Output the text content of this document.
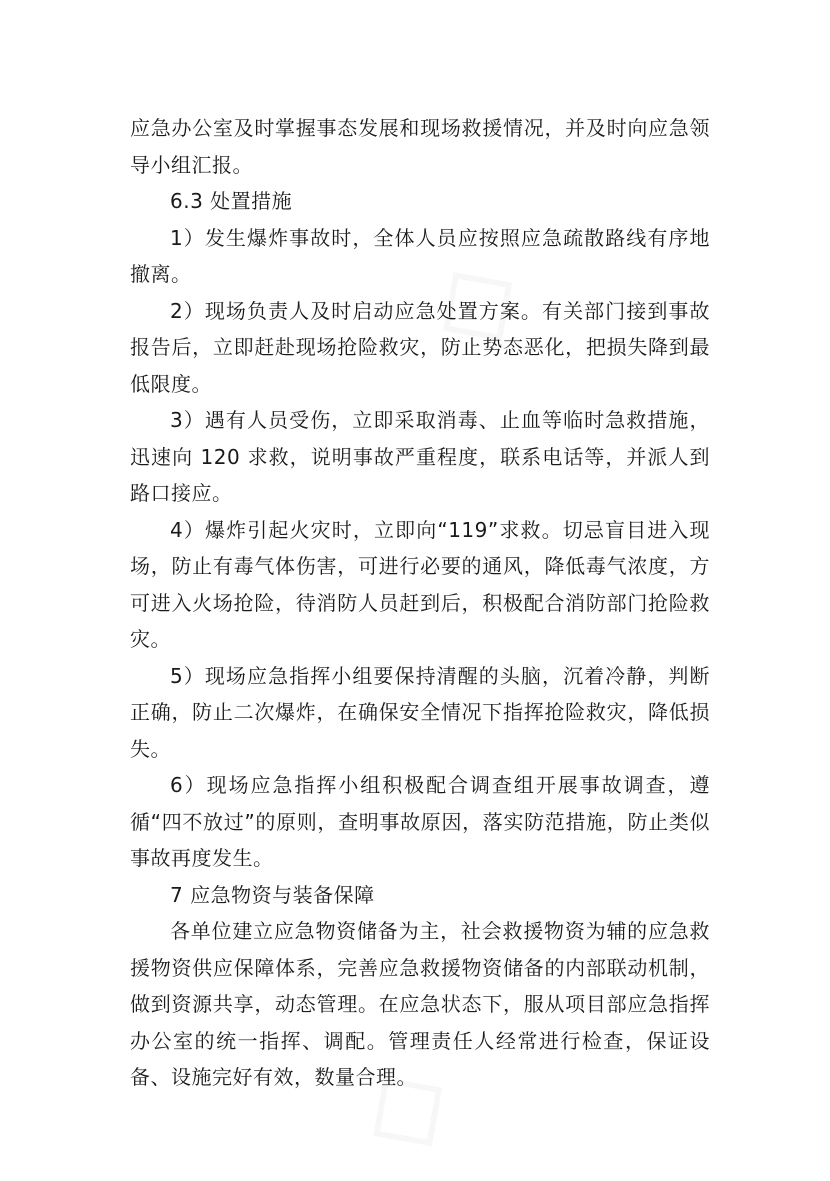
◇
◇

应急办公室及时掌握事态发展和现场救援情况，并及时向应急领导小组汇报。

6.3 处置措施

1）发生爆炸事故时，全体人员应按照应急疏散路线有序地撤离。

2）现场负责人及时启动应急处置方案。有关部门接到事故报告后，立即赶赴现场抢险救灾，防止势态恶化，把损失降到最低限度。

3）遇有人员受伤，立即采取消毒、止血等临时急救措施，迅速向 120 求救，说明事故严重程度，联系电话等，并派人到路口接应。

4）爆炸引起火灾时，立即向“119”求救。切忌盲目进入现场，防止有毒气体伤害，可进行必要的通风，降低毒气浓度，方可进入火场抢险，待消防人员赶到后，积极配合消防部门抢险救灾。

5）现场应急指挥小组要保持清醒的头脑，沉着冷静，判断正确，防止二次爆炸，在确保安全情况下指挥抢险救灾，降低损失。

6）现场应急指挥小组积极配合调查组开展事故调查，遵循“四不放过”的原则，查明事故原因，落实防范措施，防止类似事故再度发生。

7 应急物资与装备保障

各单位建立应急物资储备为主，社会救援物资为辅的应急救援物资供应保障体系，完善应急救援物资储备的内部联动机制，做到资源共享，动态管理。在应急状态下，服从项目部应急指挥办公室的统一指挥、调配。管理责任人经常进行检查，保证设备、设施完好有效，数量合理。
